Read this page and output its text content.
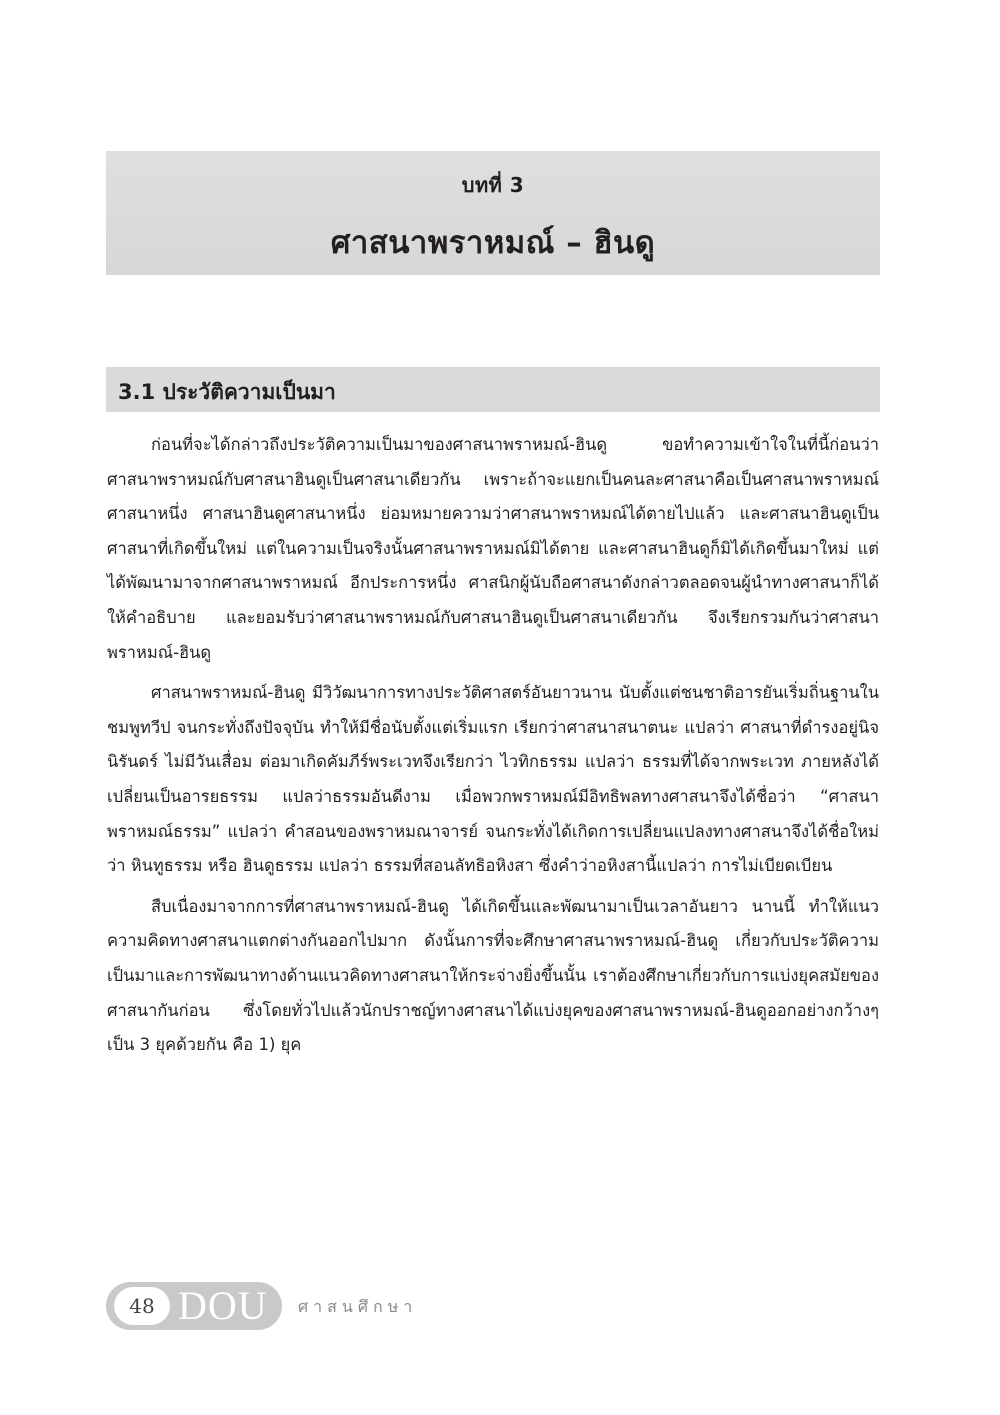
บทที่ 3
ศาสนาพราหมณ์ – ฮินดู
3.1 ประวัติความเป็นมา

ก่อนที่จะได้กล่าวถึงประวัติความเป็นมาของศาสนาพราหมณ์-ฮินดู ขอทำความเข้าใจในที่นี้ก่อนว่าศาสนาพราหมณ์กับศาสนาฮินดูเป็นศาสนาเดียวกัน เพราะถ้าจะแยกเป็นคนละศาสนาคือเป็นศาสนาพราหมณ์ศาสนาหนึ่ง ศาสนาฮินดูศาสนาหนึ่ง ย่อมหมายความว่าศาสนาพราหมณ์ได้ตายไปแล้ว และศาสนาฮินดูเป็นศาสนาที่เกิดขึ้นใหม่ แต่ในความเป็นจริงนั้นศาสนาพราหมณ์มิได้ตาย และศาสนาฮินดูก็มิได้เกิดขึ้นมาใหม่ แต่ได้พัฒนามาจากศาสนาพราหมณ์ อีกประการหนึ่ง ศาสนิกผู้นับถือศาสนาดังกล่าวตลอดจนผู้นำทางศาสนาก็ได้ให้คำอธิบาย และยอมรับว่าศาสนาพราหมณ์กับศาสนาฮินดูเป็นศาสนาเดียวกัน จึงเรียกรวมกันว่าศาสนาพราหมณ์-ฮินดู

ศาสนาพราหมณ์-ฮินดู มีวิวัฒนาการทางประวัติศาสตร์อันยาวนาน นับตั้งแต่ชนชาติอารยันเริ่มถิ่นฐานในชมพูทวีป จนกระทั่งถึงปัจจุบัน ทำให้มีชื่อนับตั้งแต่เริ่มแรก เรียกว่าศาสนาสนาตนะ แปลว่า ศาสนาที่ดำรงอยู่นิจนิรันดร์ ไม่มีวันเสื่อม ต่อมาเกิดคัมภีร์พระเวทจึงเรียกว่า ไวทิกธรรม แปลว่า ธรรมที่ได้จากพระเวท ภายหลังได้เปลี่ยนเป็นอารยธรรม แปลว่าธรรมอันดีงาม เมื่อพวกพราหมณ์มีอิทธิพลทางศาสนาจึงได้ชื่อว่า “ศาสนาพราหมณ์ธรรม” แปลว่า คำสอนของพราหมณาจารย์ จนกระทั่งได้เกิดการเปลี่ยนแปลงทางศาสนาจึงได้ชื่อใหม่ว่า หินทูธรรม หรือ ฮินดูธรรม แปลว่า ธรรมที่สอนลัทธิอหิงสา ซึ่งคำว่าอหิงสานี้แปลว่า การไม่เบียดเบียน

สืบเนื่องมาจากการที่ศาสนาพราหมณ์-ฮินดู ได้เกิดขึ้นและพัฒนามาเป็นเวลาอันยาว นานนี้ ทำให้แนวความคิดทางศาสนาแตกต่างกันออกไปมาก ดังนั้นการที่จะศึกษาศาสนาพราหมณ์-ฮินดู เกี่ยวกับประวัติความเป็นมาและการพัฒนาทางด้านแนวคิดทางศาสนาให้กระจ่างยิ่งขึ้นนั้น เราต้องศึกษาเกี่ยวกับการแบ่งยุคสมัยของศาสนากันก่อน ซึ่งโดยทั่วไปแล้วนักปราชญ์ทางศาสนาได้แบ่งยุคของศาสนาพราหมณ์-ฮินดูออกอย่างกว้างๆ เป็น 3 ยุคด้วยกัน คือ 1) ยุค

48 DOU ศาสนศึกษา
